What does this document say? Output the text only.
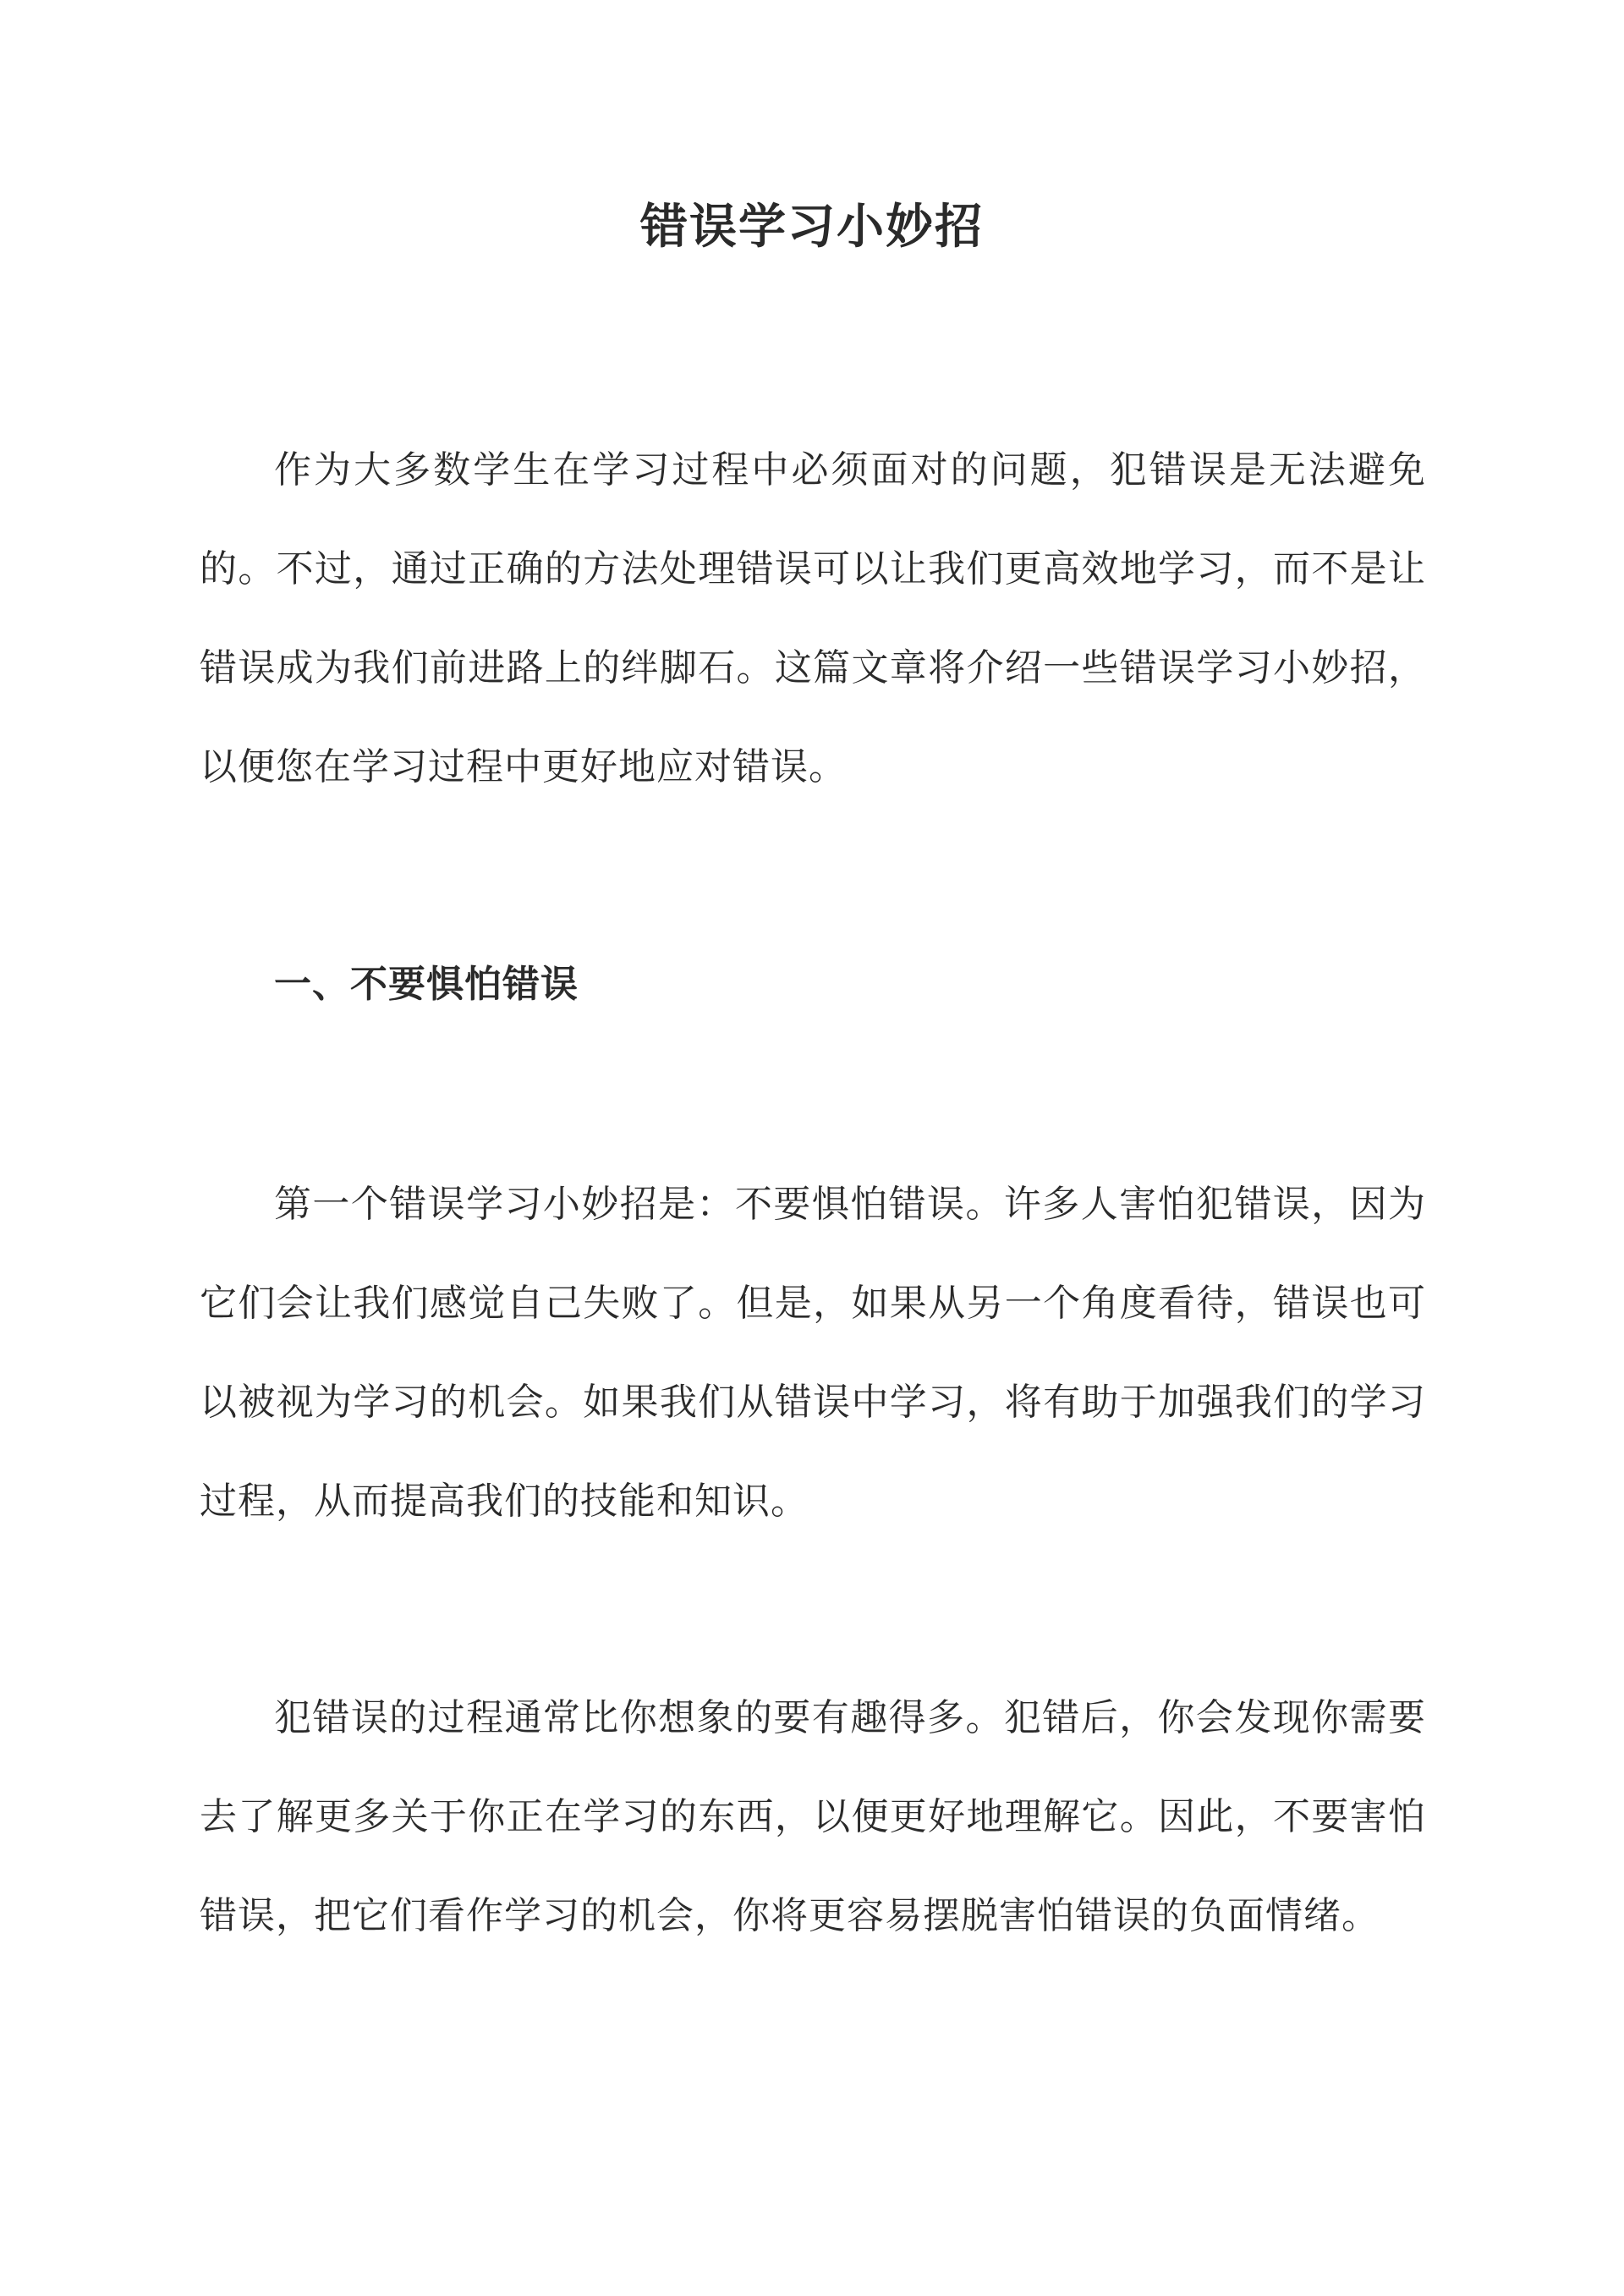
错误学习小妙招

作为大多数学生在学习过程中必须面对的问题，犯错误是无法避免的。不过，通过正确的方法处理错误可以让我们更高效地学习，而不是让错误成为我们前进路上的绊脚石。这篇文章将介绍一些错误学习小妙招，以便您在学习过程中更好地应对错误。

一、不要惧怕错误

第一个错误学习小妙招是：不要惧怕错误。许多人害怕犯错误，因为它们会让我们感觉自己失败了。但是，如果从另一个角度看待，错误也可以被视为学习的机会。如果我们从错误中学习，将有助于加强我们的学习过程，从而提高我们的技能和知识。

犯错误的过程通常比你想象的要有趣得多。犯错后，你会发现你需要去了解更多关于你正在学习的东西，以便更好地理解它。因此，不要害怕错误，把它们看作学习的机会，你将更容易摆脱害怕错误的负面情绪。
